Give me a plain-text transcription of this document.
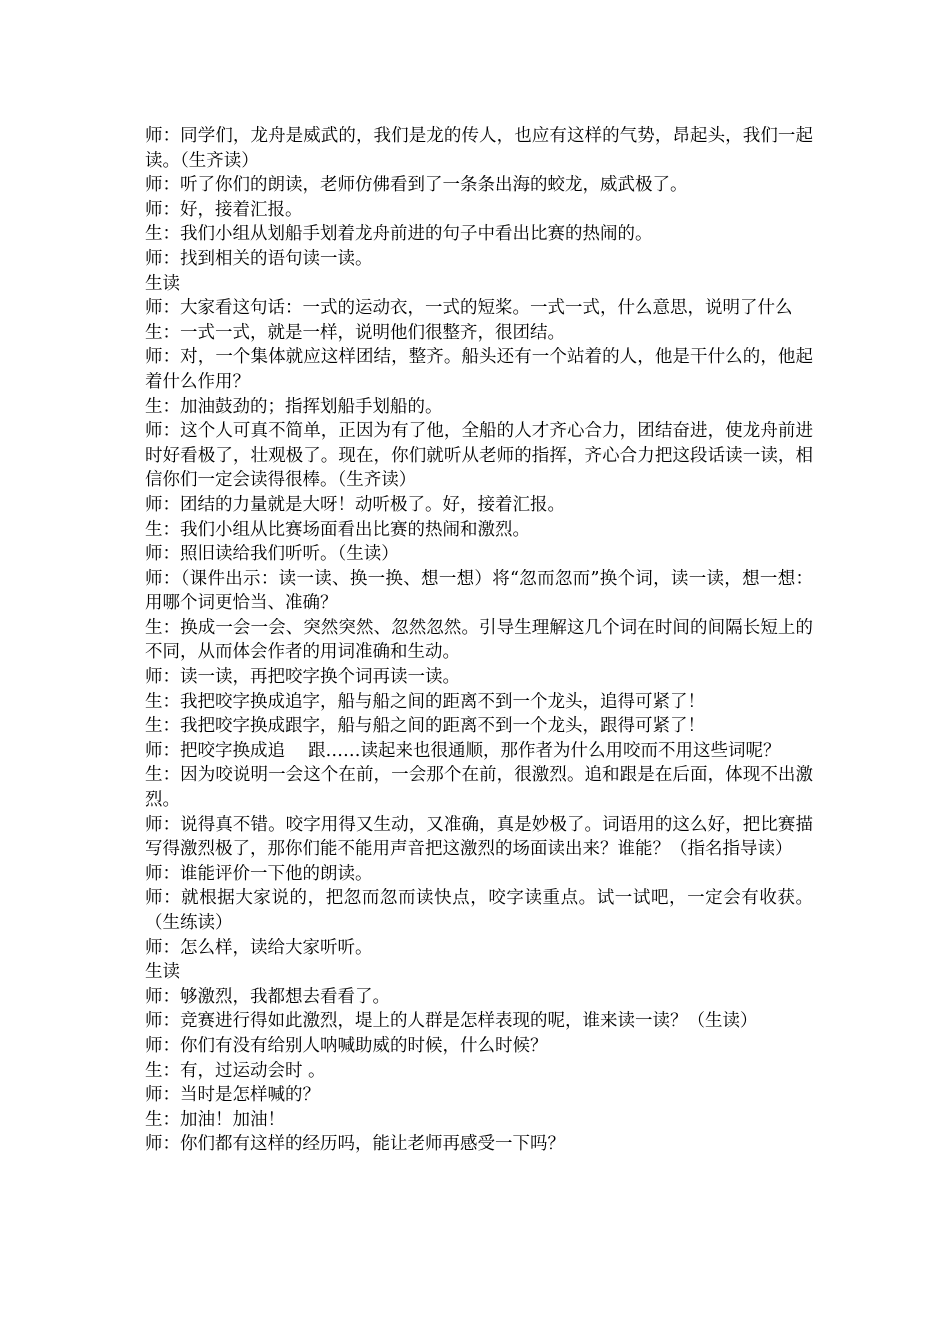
师：同学们，龙舟是威武的，我们是龙的传人，也应有这样的气势，昂起头，我们一起读。（生齐读）
师：听了你们的朗读，老师仿佛看到了一条条出海的蛟龙，威武极了。
师：好，接着汇报。
生：我们小组从划船手划着龙舟前进的句子中看出比赛的热闹的。
师：找到相关的语句读一读。
生读
师：大家看这句话：一式的运动衣，一式的短桨。一式一式，什么意思，说明了什么
生：一式一式，就是一样，说明他们很整齐，很团结。
师：对，一个集体就应这样团结，整齐。船头还有一个站着的人，他是干什么的，他起着什么作用？
生：加油鼓劲的；指挥划船手划船的。
师：这个人可真不简单，正因为有了他，全船的人才齐心合力，团结奋进，使龙舟前进时好看极了，壮观极了。现在，你们就听从老师的指挥，齐心合力把这段话读一读，相信你们一定会读得很棒。（生齐读）
师：团结的力量就是大呀！动听极了。好，接着汇报。
生：我们小组从比赛场面看出比赛的热闹和激烈。
师：照旧读给我们听听。（生读）
师：（课件出示：读一读、换一换、想一想）将“忽而忽而”换个词，读一读，想一想：用哪个词更恰当、准确？
生：换成一会一会、突然突然、忽然忽然。引导生理解这几个词在时间的间隔长短上的不同，从而体会作者的用词准确和生动。
师：读一读，再把咬字换个词再读一读。
生：我把咬字换成追字，船与船之间的距离不到一个龙头，追得可紧了！
生：我把咬字换成跟字，船与船之间的距离不到一个龙头，跟得可紧了！
师：把咬字换成追　 跟……读起来也很通顺，那作者为什么用咬而不用这些词呢？
生：因为咬说明一会这个在前，一会那个在前，很激烈。追和跟是在后面，体现不出激烈。
师：说得真不错。咬字用得又生动，又准确，真是妙极了。词语用的这么好，把比赛描写得激烈极了，那你们能不能用声音把这激烈的场面读出来？谁能？（指名指导读）
师：谁能评价一下他的朗读。
师：就根据大家说的，把忽而忽而读快点，咬字读重点。试一试吧，一定会有收获。（生练读）
师：怎么样，读给大家听听。
生读
师：够激烈，我都想去看看了。
师：竞赛进行得如此激烈，堤上的人群是怎样表现的呢，谁来读一读？（生读）
师：你们有没有给别人呐喊助威的时候，什么时候？
生：有，过运动会时 。
师：当时是怎样喊的？
生：加油！加油！
师：你们都有这样的经历吗，能让老师再感受一下吗？
